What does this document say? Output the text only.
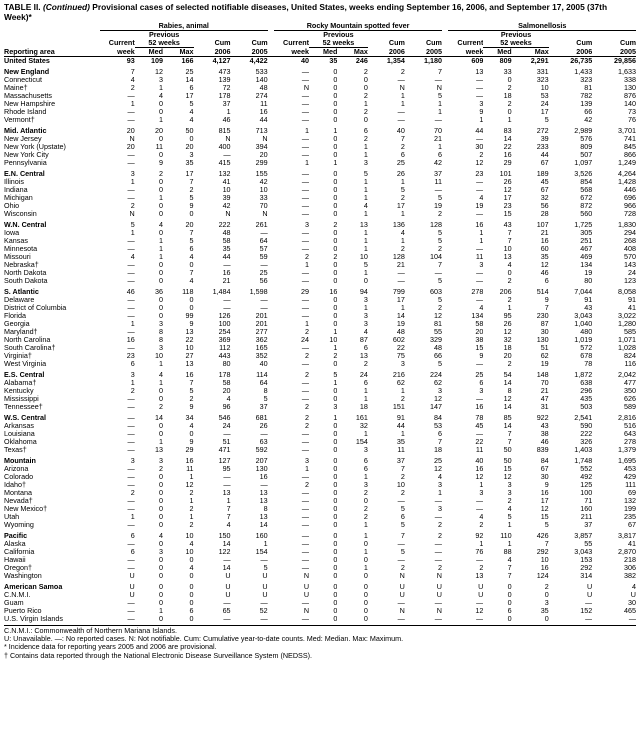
TABLE II. (Continued) Provisional cases of selected notifiable diseases, United States, weeks ending September 16, 2006, and September 17, 2005 (37th Week)*
	Rabies, animal						Rocky Mountain spotted fever						Salmonellosis				
		Previous						Previous						Previous			
	Current	52 weeks		Cum	Cum		Current	52 weeks		Cum	Cum		Current	52 weeks		Cum	Cum
Reporting area	week	Med	Max	2006	2005		week	Med	Max	2006	2005		week	Med	Max	2006	2005
United States	93	109	166	4,127	4,422		40	35	246	1,354	1,180		609	809	2,291	26,735	29,856
New England	7	12	25	473	533		—	0	2	2	7		13	33	331	1,433	1,633
Connecticut	4	3	14	139	140		—	0	0	—	—		—	0	323	323	338
Maine†	2	1	6	72	48		N	0	0	N	N		—	2	10	81	130
Massachusetts	—	4	17	178	274		—	0	2	1	5		—	18	53	782	876
New Hampshire	1	0	5	37	11		—	0	1	1	1		3	2	24	139	140
Rhode Island	—	0	4	1	16		—	0	2	—	1		9	0	17	66	73
Vermont†	—	1	4	46	44		—	0	0	—	—		1	1	5	42	76
Mid. Atlantic	20	20	50	815	713		1	1	6	40	70		44	83	272	2,989	3,701
New Jersey	N	0	0	N	N		—	0	2	7	21		—	14	39	576	741
New York (Upstate)	20	11	20	400	394		—	0	1	2	1		30	22	233	809	845
New York City	—	0	3	—	20		—	0	1	6	6		2	16	44	507	866
Pennsylvania	—	9	35	415	299		1	1	3	25	42		12	29	67	1,097	1,249
E.N. Central	3	2	17	132	155		—	0	5	26	37		23	101	189	3,526	4,264
Illinois	1	0	7	41	42		—	0	1	1	11		—	26	45	854	1,428
Indiana	—	0	2	10	10		—	0	1	5	—		—	12	67	568	446
Michigan	—	1	5	39	33		—	0	1	2	5		4	17	32	672	696
Ohio	2	0	9	42	70		—	0	4	17	19		19	23	56	872	966
Wisconsin	N	0	0	N	N		—	0	1	1	2		—	15	28	560	728
W.N. Central	5	4	20	222	261		3	2	13	136	128		16	43	107	1,725	1,830
Iowa	1	0	7	48	—		—	0	1	4	5		1	7	21	305	294
Kansas	—	1	5	58	64		—	0	1	1	5		1	7	16	251	268
Minnesota	—	1	6	35	57		—	0	1	2	2		—	10	60	467	408
Missouri	4	1	4	44	59		2	2	10	128	104		11	13	35	469	570
Nebraska†	—	0	0	—	—		1	0	5	21	7		3	4	12	134	143
North Dakota	—	0	7	16	25		—	0	1	—	—		—	0	46	19	24
South Dakota	—	0	4	21	56		—	0	0	—	5		—	2	6	80	123
S. Atlantic	46	36	118	1,484	1,598		29	16	94	799	603		278	206	514	7,044	8,058
Delaware	—	0	0	—	—		—	0	3	17	5		—	2	9	91	91
District of Columbia	—	0	0	—	—		—	0	1	1	2		4	1	7	43	41
Florida	—	0	99	126	201		—	0	3	14	12		134	95	230	3,043	3,022
Georgia	1	3	9	100	201		1	0	3	19	81		58	26	87	1,040	1,280
Maryland†	—	8	13	254	277		2	1	4	48	55		20	12	30	480	585
North Carolina	16	8	22	369	362		24	10	87	602	329		38	32	130	1,019	1,071
South Carolina†	—	3	10	112	165		—	1	6	22	48		15	18	51	572	1,028
Virginia†	23	10	27	443	352		2	2	13	75	66		9	20	62	678	824
West Virginia	6	1	13	80	40		—	0	2	3	5		—	2	19	78	116
E.S. Central	3	4	16	178	114		2	5	24	216	224		25	54	148	1,872	2,042
Alabama†	1	1	7	58	64		—	1	6	62	62		6	14	70	638	477
Kentucky	2	0	5	20	8		—	0	1	1	3		3	8	21	296	350
Mississippi	—	0	2	4	5		—	0	1	2	12		—	12	47	435	626
Tennessee†	—	2	9	96	37		2	3	18	151	147		16	14	31	503	589
W.S. Central	—	14	34	546	681		2	1	161	91	84		78	85	922	2,541	2,816
Arkansas	—	0	4	24	26		2	0	32	44	53		45	14	43	590	516
Louisiana	—	0	0	—	—		—	0	1	1	6		—	7	38	222	643
Oklahoma	—	1	9	51	63		—	0	154	35	7		22	7	46	326	278
Texas†	—	13	29	471	592		—	0	3	11	18		11	50	839	1,403	1,379
Mountain	3	3	16	127	207		3	0	6	37	25		40	50	84	1,748	1,695
Arizona	—	2	11	95	130		1	0	6	7	12		16	15	67	552	453
Colorado	—	0	1	—	16		—	0	1	2	4		12	12	30	492	429
Idaho†	—	0	12	—	—		2	0	3	10	3		1	3	9	125	111
Montana	2	0	2	13	13		—	0	2	2	1		3	3	16	100	69
Nevada†	—	0	1	1	13		—	0	0	—	—		—	2	17	71	132
New Mexico†	—	0	2	7	8		—	0	2	5	3		—	4	12	160	199
Utah	1	0	1	7	13		—	0	2	6	—		4	5	15	211	235
Wyoming	—	0	2	4	14		—	0	1	5	2		2	1	5	37	67
Pacific	6	4	10	150	160		—	0	1	7	2		92	110	426	3,857	3,817
Alaska	—	0	4	14	1		—	0	0	—	—		1	1	7	55	41
California	6	3	10	122	154		—	0	1	5	—		76	88	292	3,043	2,870
Hawaii	—	0	0	—	—		—	0	0	—	—		—	4	10	153	218
Oregon†	—	0	4	14	5		—	0	1	2	2		2	7	16	292	306
Washington	U	0	0	U	U		N	0	0	N	N		13	7	124	314	382
American Samoa	U	0	0	U	U		U	0	0	U	U		U	0	2	U	4
C.N.M.I.	U	0	0	U	U		U	0	0	U	U		U	0	0	U	U
Guam	—	0	0	—	—		—	0	0	—	—		—	0	3	—	30
Puerto Rico	—	1	6	65	52		N	0	0	N	N		12	6	35	152	465
U.S. Virgin Islands	—	0	0	—	—		—	0	0	—	—		—	0	0	—	—
C.N.M.I.: Commonwealth of Northern Mariana Islands.
U: Unavailable. —: No reported cases. N: Not notifiable. Cum: Cumulative year-to-date counts. Med: Median. Max: Maximum.
* Incidence data for reporting years 2005 and 2006 are provisional.
† Contains data reported through the National Electronic Disease Surveillance System (NEDSS).
